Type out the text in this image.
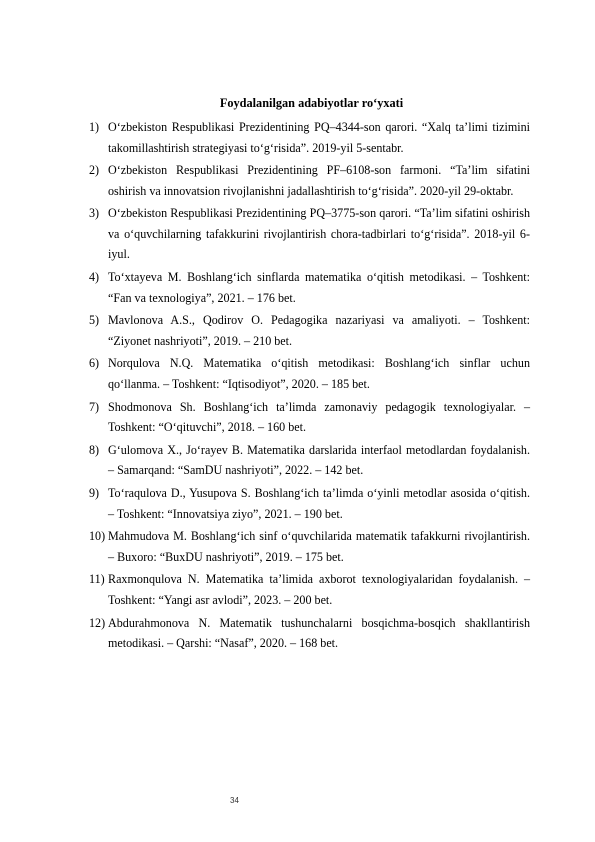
Foydalanilgan adabiyotlar ro‘yxati
1) O‘zbekiston Respublikasi Prezidentining PQ–4344-son qarori. “Xalq ta’limi tizimini takomillashtirish strategiyasi to‘g‘risida”. 2019-yil 5-sentabr.
2) O‘zbekiston Respublikasi Prezidentining PF–6108-son farmoni. “Ta’lim sifatini oshirish va innovatsion rivojlanishni jadallashtirish to‘g‘risida”. 2020-yil 29-oktabr.
3) O‘zbekiston Respublikasi Prezidentining PQ–3775-son qarori. “Ta’lim sifatini oshirish va o‘quvchilarning tafakkurini rivojlantirish chora-tadbirlari to‘g‘risida”. 2018-yil 6-iyul.
4) To‘xtayeva M. Boshlang‘ich sinflarda matematika o‘qitish metodikasi. – Toshkent: “Fan va texnologiya”, 2021. – 176 bet.
5) Mavlonova A.S., Qodirov O. Pedagogika nazariyasi va amaliyoti. – Toshkent: “Ziyonet nashriyoti”, 2019. – 210 bet.
6) Norqulova N.Q. Matematika o‘qitish metodikasi: Boshlang‘ich sinflar uchun qo‘llanma. – Toshkent: “Iqtisodiyot”, 2020. – 185 bet.
7) Shodmonova Sh. Boshlang‘ich ta’limda zamonaviy pedagogik texnologiyalar. – Toshkent: “O‘qituvchi”, 2018. – 160 bet.
8) G‘ulomova X., Jo‘rayev B. Matematika darslarida interfaol metodlardan foydalanish. – Samarqand: “SamDU nashriyoti”, 2022. – 142 bet.
9) To‘raqulova D., Yusupova S. Boshlang‘ich ta’limda o‘yinli metodlar asosida o‘qitish. – Toshkent: “Innovatsiya ziyo”, 2021. – 190 bet.
10) Mahmudova M. Boshlang‘ich sinf o‘quvchilarida matematik tafakkurni rivojlantirish. – Buxoro: “BuxDU nashriyoti”, 2019. – 175 bet.
11) Raxmonqulova N. Matematika ta’limida axborot texnologiyalaridan foydalanish. – Toshkent: “Yangi asr avlodi”, 2023. – 200 bet.
12) Abdurahmonova N. Matematik tushunchalarni bosqichma-bosqich shakllantirish metodikasi. – Qarshi: “Nasaf”, 2020. – 168 bet.
34
